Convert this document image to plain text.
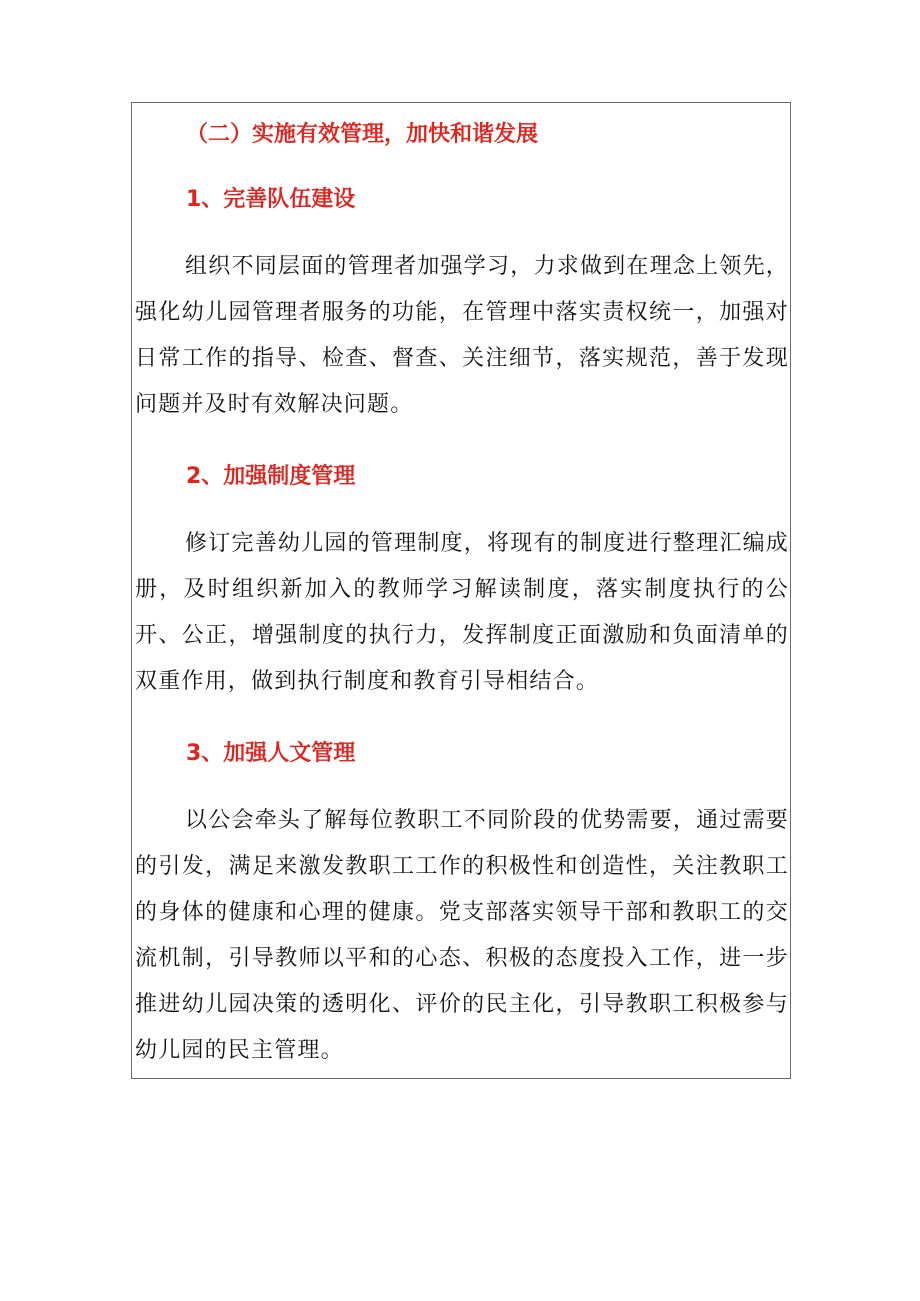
（二）实施有效管理，加快和谐发展
1、完善队伍建设

组织不同层面的管理者加强学习，力求做到在理念上领先，强化幼儿园管理者服务的功能，在管理中落实责权统一，加强对日常工作的指导、检查、督查、关注细节，落实规范，善于发现问题并及时有效解决问题。

2、加强制度管理

修订完善幼儿园的管理制度，将现有的制度进行整理汇编成册，及时组织新加入的教师学习解读制度，落实制度执行的公开、公正，增强制度的执行力，发挥制度正面激励和负面清单的双重作用，做到执行制度和教育引导相结合。

3、加强人文管理

以公会牵头了解每位教职工不同阶段的优势需要，通过需要的引发，满足来激发教职工工作的积极性和创造性，关注教职工的身体的健康和心理的健康。党支部落实领导干部和教职工的交流机制，引导教师以平和的心态、积极的态度投入工作，进一步推进幼儿园决策的透明化、评价的民主化，引导教职工积极参与幼儿园的民主管理。
